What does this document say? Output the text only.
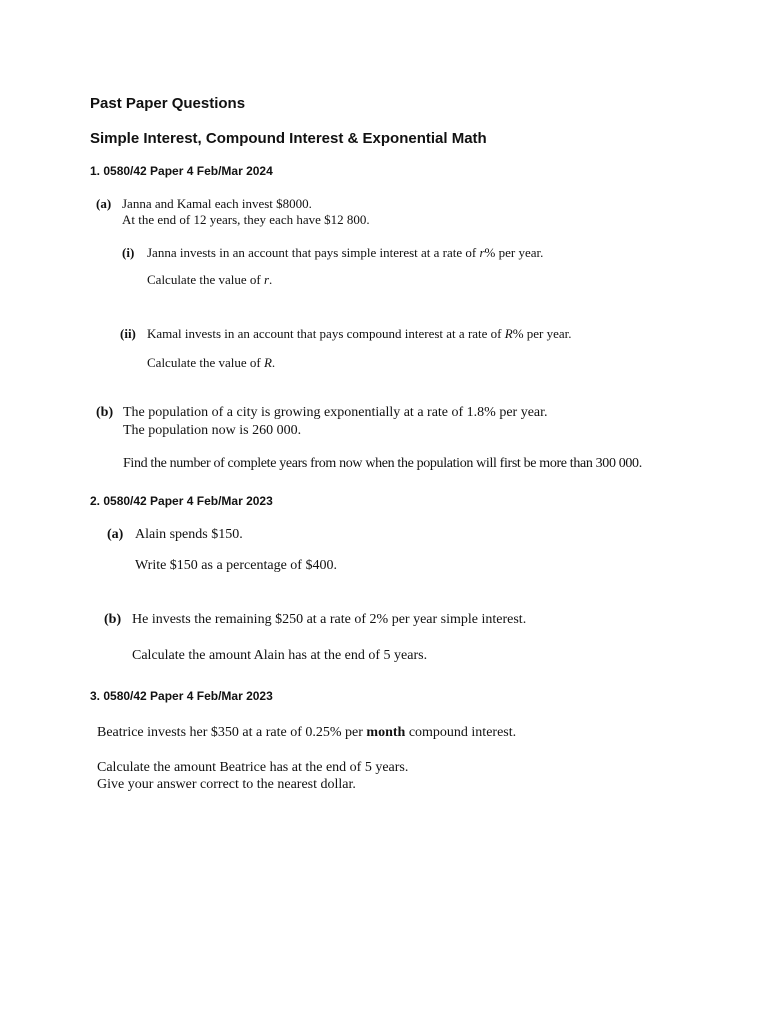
Past Paper Questions
Simple Interest, Compound Interest & Exponential Math
1. 0580/42 Paper 4 Feb/Mar 2024
(a) Janna and Kamal each invest $8000.
At the end of 12 years, they each have $12 800.
(i) Janna invests in an account that pays simple interest at a rate of r% per year.
Calculate the value of r.
(ii) Kamal invests in an account that pays compound interest at a rate of R% per year.
Calculate the value of R.
(b) The population of a city is growing exponentially at a rate of 1.8% per year.
The population now is 260 000.
Find the number of complete years from now when the population will first be more than 300 000.
2. 0580/42 Paper 4 Feb/Mar 2023
(a) Alain spends $150.
Write $150 as a percentage of $400.
(b) He invests the remaining $250 at a rate of 2% per year simple interest.
Calculate the amount Alain has at the end of 5 years.
3. 0580/42 Paper 4 Feb/Mar 2023
Beatrice invests her $350 at a rate of 0.25% per month compound interest.
Calculate the amount Beatrice has at the end of 5 years.
Give your answer correct to the nearest dollar.
